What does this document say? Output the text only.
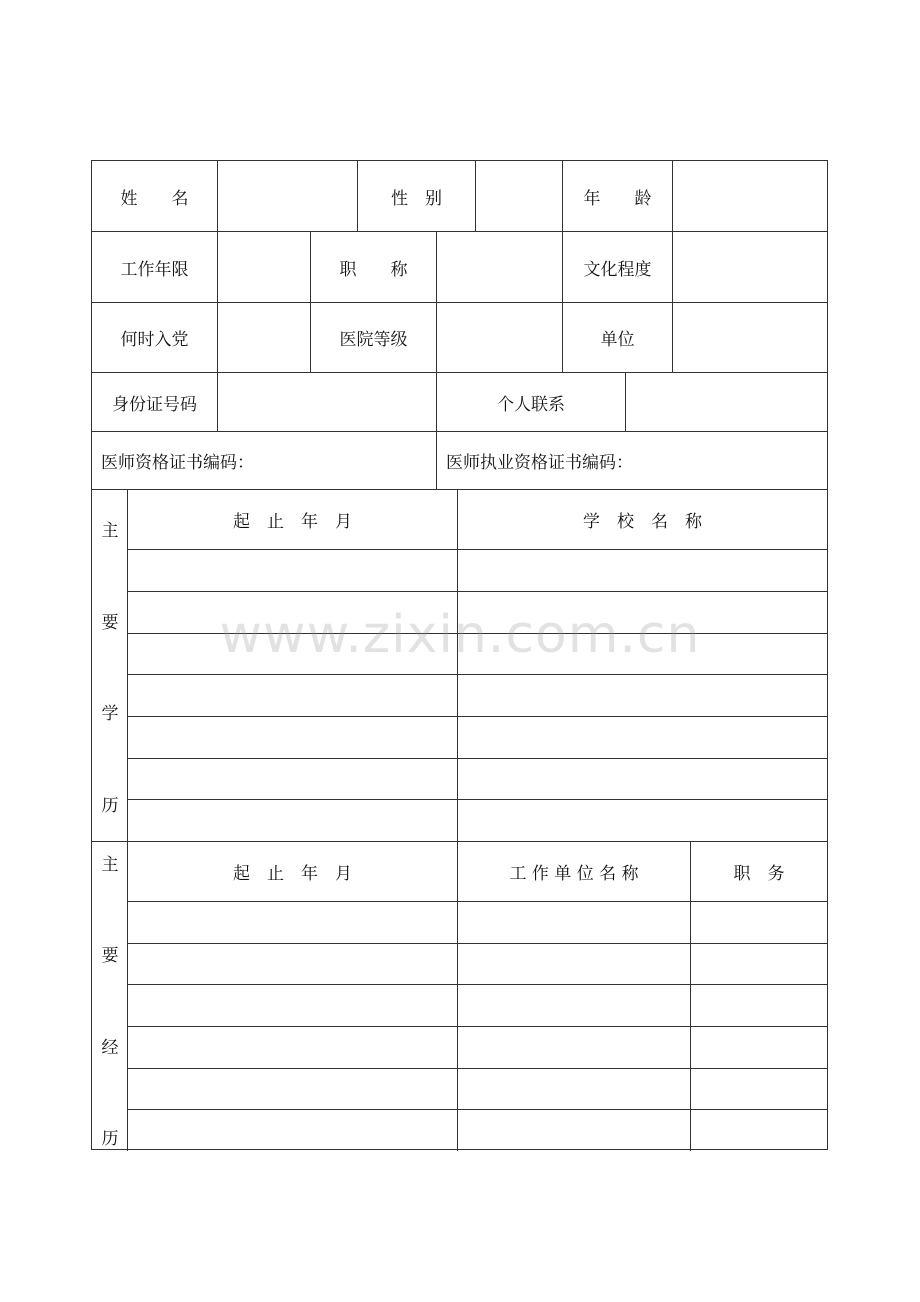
姓　　名	性　别	年　　龄
工作年限	职　　称	文化程度
何时入党	医院等级	单位
身份证号码	个人联系
医师资格证书编码：	医师执业资格证书编码：
主
要
学
历
起　止　年　月	学　校　名　称
主
要
经
历
起　止　年　月	工 作 单 位 名 称	职　务
www.zixin.com.cn
